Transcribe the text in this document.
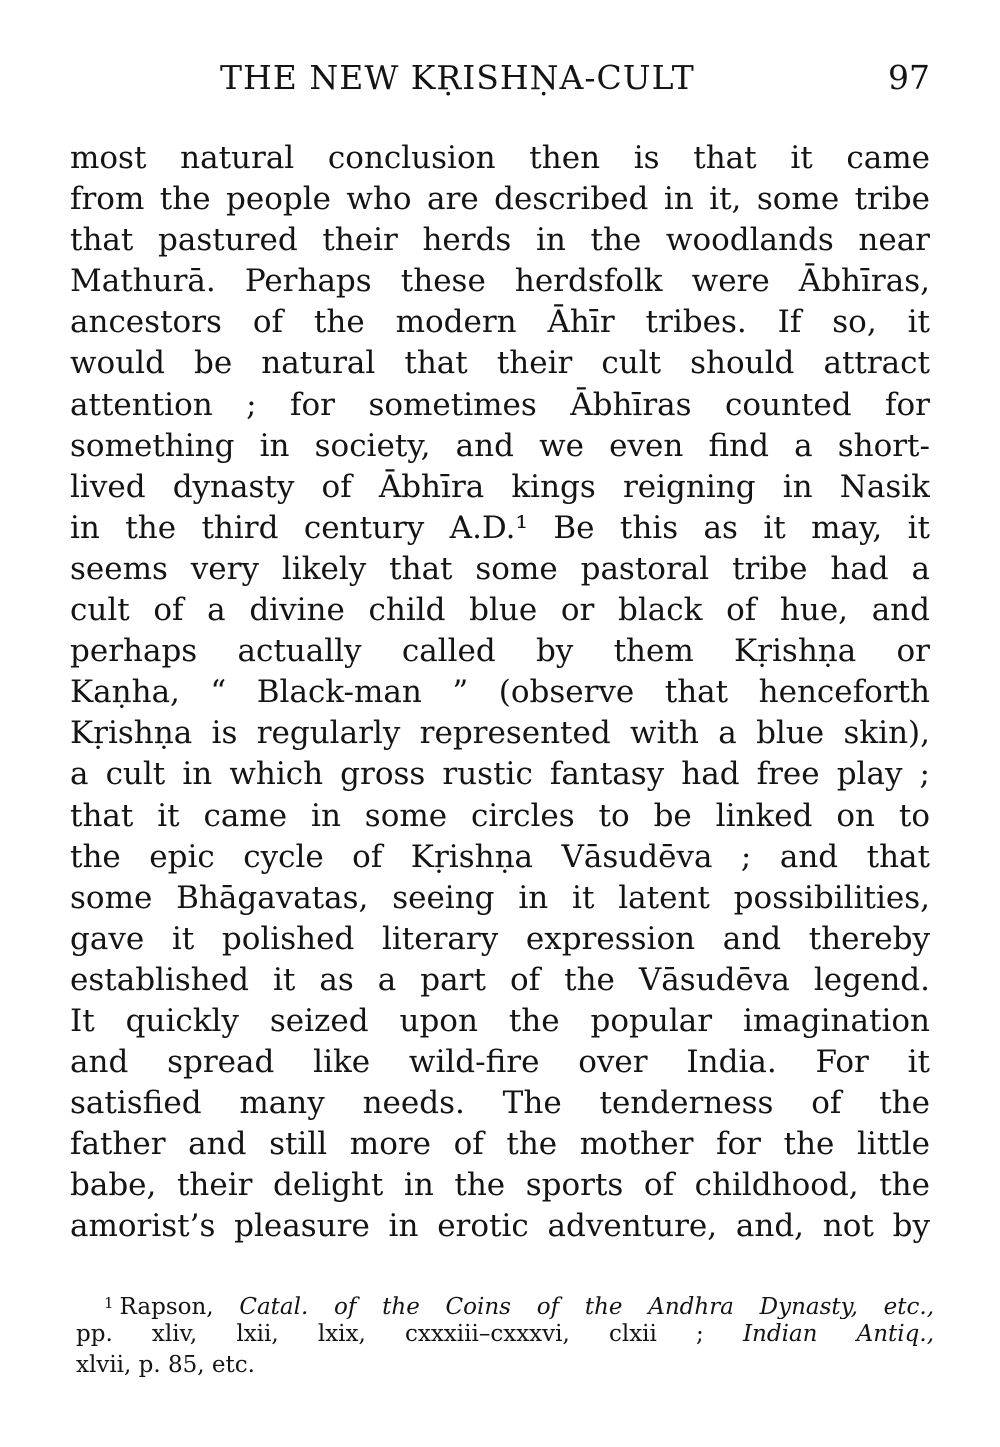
THE NEW KṚISHṆA-CULT	97
most natural conclusion then is that it came
from the people who are described in it, some tribe
that pastured their herds in the woodlands near
Mathurā. Perhaps these herdsfolk were Ābhīras,
ancestors of the modern Āhīr tribes. If so, it
would be natural that their cult should attract
attention ; for sometimes Ābhīras counted for
something in society, and we even find a short-
lived dynasty of Ābhīra kings reigning in Nasik
in the third century A.D.¹ Be this as it may, it
seems very likely that some pastoral tribe had a
cult of a divine child blue or black of hue, and
perhaps actually called by them Kṛishṇa or
Kaṇha, “ Black-man ” (observe that henceforth
Kṛishṇa is regularly represented with a blue skin),
a cult in which gross rustic fantasy had free play ;
that it came in some circles to be linked on to
the epic cycle of Kṛishṇa Vāsudēva ; and that
some Bhāgavatas, seeing in it latent possibilities,
gave it polished literary expression and thereby
established it as a part of the Vāsudēva legend.
It quickly seized upon the popular imagination
and spread like wild-fire over India. For it
satisfied many needs. The tenderness of the
father and still more of the mother for the little
babe, their delight in the sports of childhood, the
amorist’s pleasure in erotic adventure, and, not by
$^1$ Rapson, Catal. of the Coins of the Andhra Dynasty, etc.,
pp. xliv, lxii, lxix, cxxxiii–cxxxvi, clxii ; Indian Antiq.,
xlvii, p. 85, etc.
